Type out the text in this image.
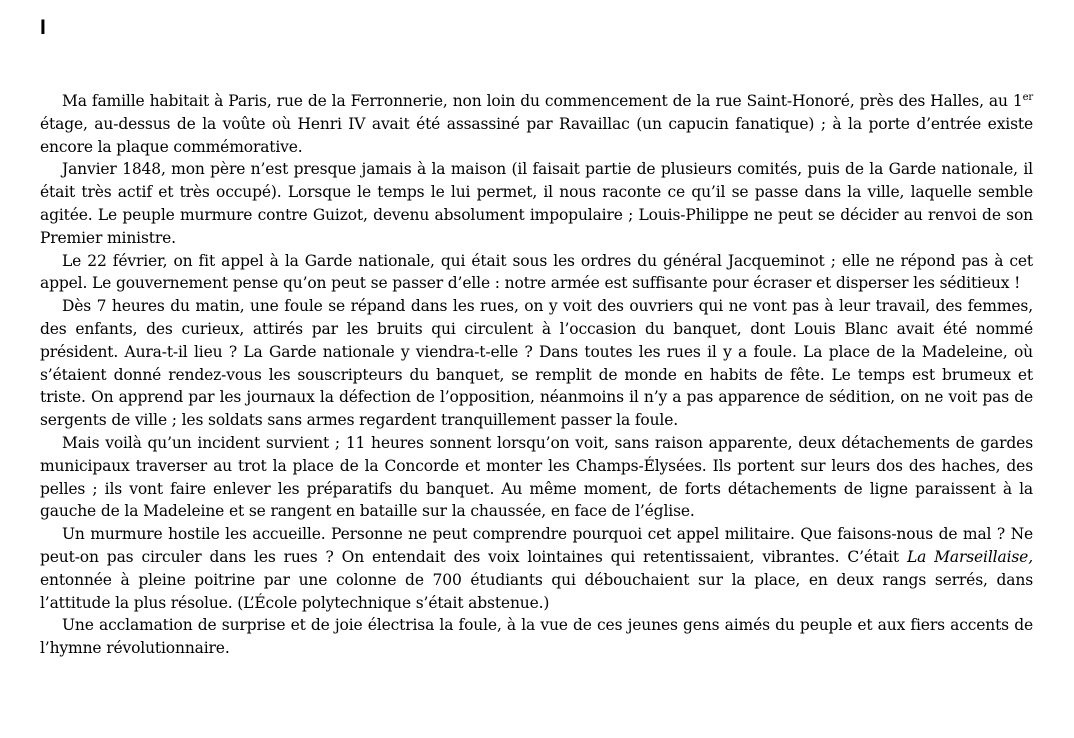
I

Ma famille habitait à Paris, rue de la Ferronnerie, non loin du commencement de la rue Saint-Honoré, près des Halles, au 1er étage, au-dessus de la voûte où Henri IV avait été assassiné par Ravaillac (un capucin fanatique) ; à la porte d’entrée existe encore la plaque commémorative.

Janvier 1848, mon père n’est presque jamais à la maison (il faisait partie de plusieurs comités, puis de la Garde nationale, il était très actif et très occupé). Lorsque le temps le lui permet, il nous raconte ce qu’il se passe dans la ville, laquelle semble agitée. Le peuple murmure contre Guizot, devenu absolument impopulaire ; Louis-Philippe ne peut se décider au renvoi de son Premier ministre.

Le 22 février, on fit appel à la Garde nationale, qui était sous les ordres du général Jacqueminot ; elle ne répond pas à cet appel. Le gouvernement pense qu’on peut se passer d’elle : notre armée est suffisante pour écraser et disperser les séditieux !

Dès 7 heures du matin, une foule se répand dans les rues, on y voit des ouvriers qui ne vont pas à leur travail, des femmes, des enfants, des curieux, attirés par les bruits qui circulent à l’occasion du banquet, dont Louis Blanc avait été nommé président. Aura-t-il lieu ? La Garde nationale y viendra-t-elle ? Dans toutes les rues il y a foule. La place de la Madeleine, où s’étaient donné rendez-vous les souscripteurs du banquet, se remplit de monde en habits de fête. Le temps est brumeux et triste. On apprend par les journaux la défection de l’opposition, néanmoins il n’y a pas apparence de sédition, on ne voit pas de sergents de ville ; les soldats sans armes regardent tranquillement passer la foule.

Mais voilà qu’un incident survient ; 11 heures sonnent lorsqu’on voit, sans raison apparente, deux détachements de gardes municipaux traverser au trot la place de la Concorde et monter les Champs-Élysées. Ils portent sur leurs dos des haches, des pelles ; ils vont faire enlever les préparatifs du banquet. Au même moment, de forts détachements de ligne paraissent à la gauche de la Madeleine et se rangent en bataille sur la chaussée, en face de l’église.

Un murmure hostile les accueille. Personne ne peut comprendre pourquoi cet appel militaire. Que faisons-nous de mal ? Ne peut-on pas circuler dans les rues ? On entendait des voix lointaines qui retentissaient, vibrantes. C’était La Marseillaise, entonnée à pleine poitrine par une colonne de 700 étudiants qui débouchaient sur la place, en deux rangs serrés, dans l’attitude la plus résolue. (L’École polytechnique s’était abstenue.)

Une acclamation de surprise et de joie électrisa la foule, à la vue de ces jeunes gens aimés du peuple et aux fiers accents de l’hymne révolutionnaire.
